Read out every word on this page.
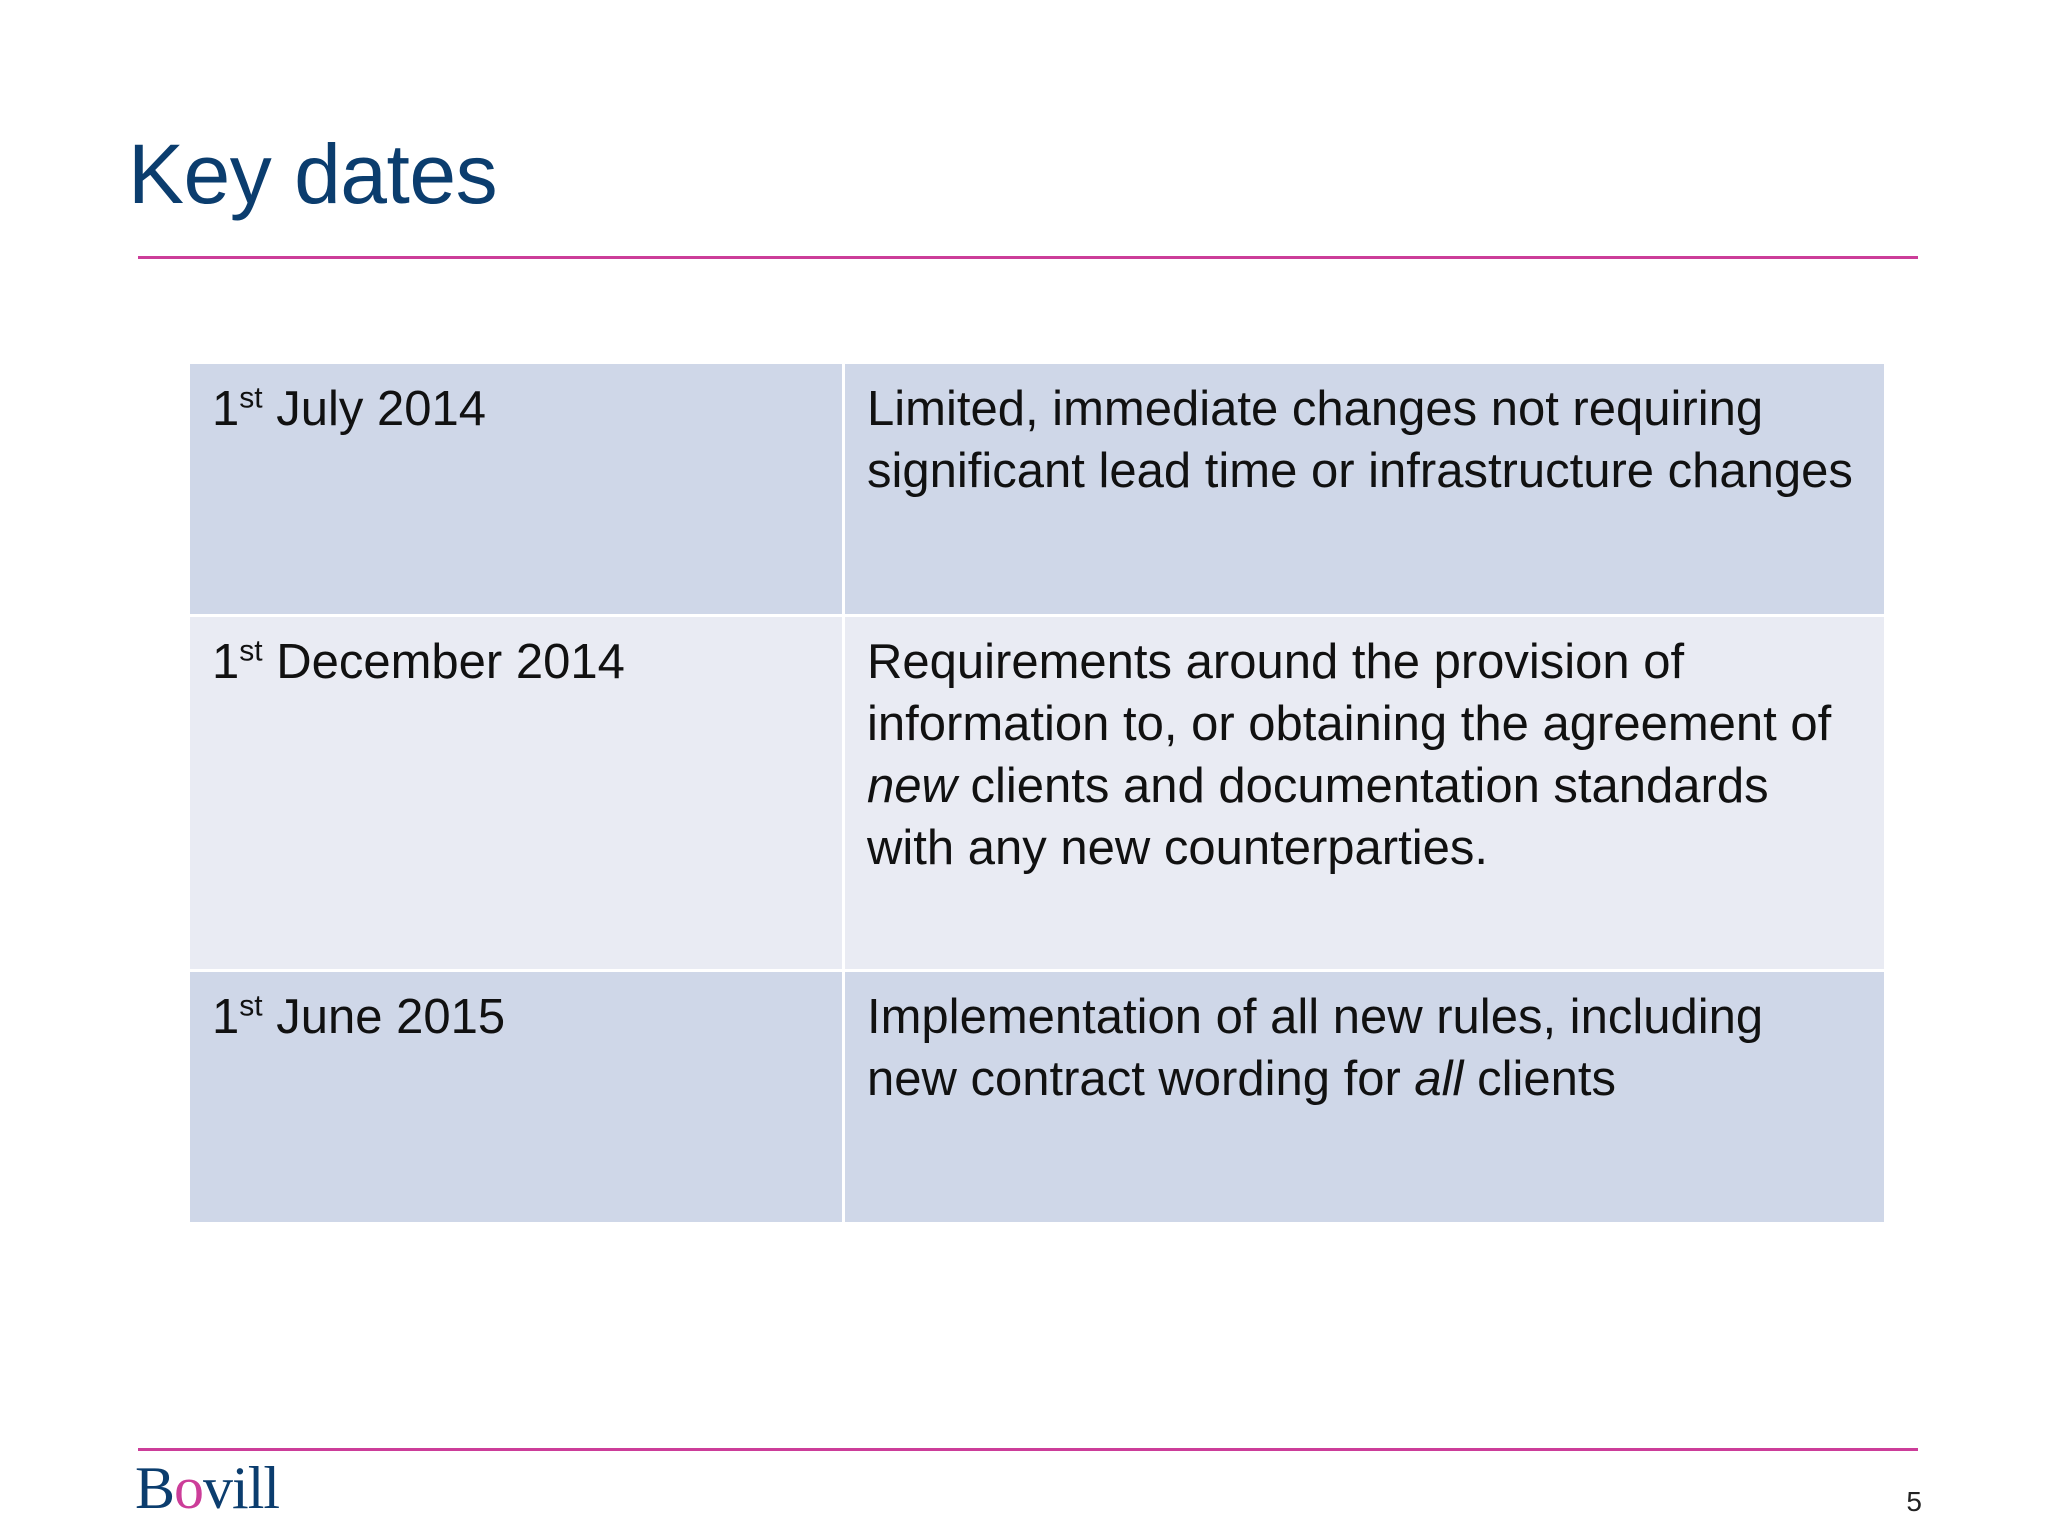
Key dates
1st July 2014	Limited, immediate changes not requiring significant lead time or infrastructure changes
1st December 2014	Requirements around the provision of information to, or obtaining the agreement of new clients and documentation standards with any new counterparties.
1st June 2015	Implementation of all new rules, including new contract wording for all clients
Bovill	5
